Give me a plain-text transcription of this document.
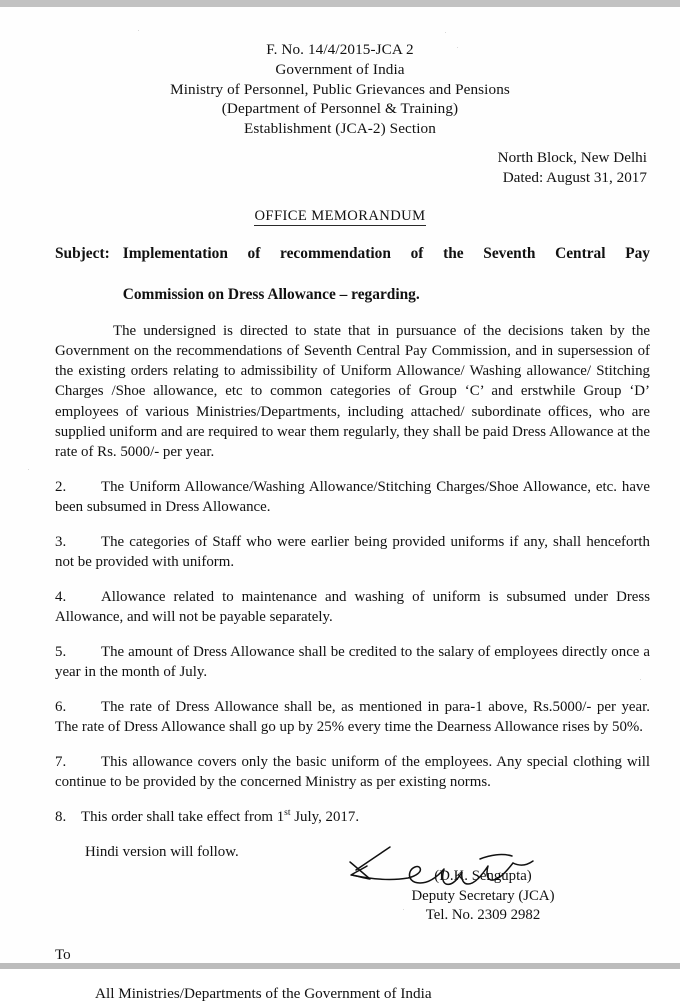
F. No. 14/4/2015-JCA 2
Government of India
Ministry of Personnel, Public Grievances and Pensions
(Department of Personnel & Training)
Establishment (JCA-2) Section
North Block, New Delhi
Dated: August 31, 2017
OFFICE MEMORANDUM
Subject: Implementation of recommendation of the Seventh Central Pay
Commission on Dress Allowance – regarding.
The undersigned is directed to state that in pursuance of the decisions taken by the Government on the recommendations of Seventh Central Pay Commission, and in supersession of the existing orders relating to admissibility of Uniform Allowance/ Washing allowance/ Stitching Charges /Shoe allowance, etc to common categories of Group ‘C’ and erstwhile Group ‘D’ employees of various Ministries/Departments, including attached/ subordinate offices, who are supplied uniform and are required to wear them regularly, they shall be paid Dress Allowance at the rate of Rs. 5000/- per year.
2. The Uniform Allowance/Washing Allowance/Stitching Charges/Shoe Allowance, etc. have been subsumed in Dress Allowance.
3. The categories of Staff who were earlier being provided uniforms if any, shall henceforth not be provided with uniform.
4. Allowance related to maintenance and washing of uniform is subsumed under Dress Allowance, and will not be payable separately.
5. The amount of Dress Allowance shall be credited to the salary of employees directly once a year in the month of July.
6. The rate of Dress Allowance shall be, as mentioned in para-1 above, Rs.5000/- per year. The rate of Dress Allowance shall go up by 25% every time the Dearness Allowance rises by 50%.
7. This allowance covers only the basic uniform of the employees. Any special clothing will continue to be provided by the concerned Ministry as per existing norms.
8. This order shall take effect from 1st July, 2017.
Hindi version will follow.
(D.K. Sengupta)
Deputy Secretary (JCA)
Tel. No. 2309 2982
To
All Ministries/Departments of the Government of India
